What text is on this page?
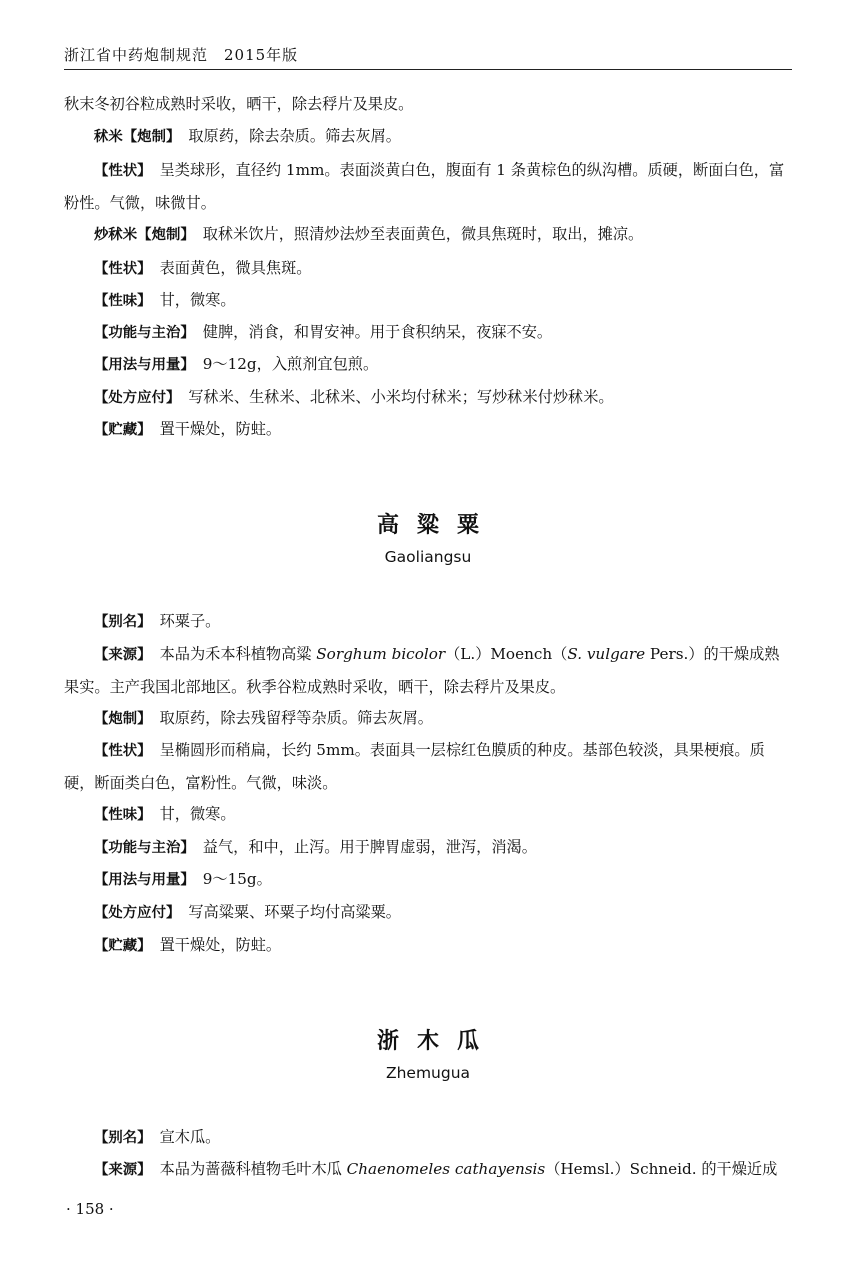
浙江省中药炮制规范　2015年版
秋末冬初谷粒成熟时采收，晒干，除去稃片及果皮。
秫米【炮制】 取原药，除去杂质。筛去灰屑。
【性状】 呈类球形，直径约 1mm。表面淡黄白色，腹面有 1 条黄棕色的纵沟槽。质硬，断面白色，富粉性。气微，味微甘。
炒秫米【炮制】 取秫米饮片，照清炒法炒至表面黄色，微具焦斑时，取出，摊凉。
【性状】 表面黄色，微具焦斑。
【性味】 甘，微寒。
【功能与主治】 健脾，消食，和胃安神。用于食积纳呆，夜寐不安。
【用法与用量】 9～12g，入煎剂宜包煎。
【处方应付】 写秫米、生秫米、北秫米、小米均付秫米；写炒秫米付炒秫米。
【贮藏】 置干燥处，防蛀。
高粱粟
Gaoliangsu
【别名】 环粟子。
【来源】 本品为禾本科植物高粱 Sorghum bicolor（L.）Moench（S. vulgare Pers.）的干燥成熟果实。主产我国北部地区。秋季谷粒成熟时采收，晒干，除去稃片及果皮。
【炮制】 取原药，除去残留稃等杂质。筛去灰屑。
【性状】 呈椭圆形而稍扁，长约 5mm。表面具一层棕红色膜质的种皮。基部色较淡，具果梗痕。质硬，断面类白色，富粉性。气微，味淡。
【性味】 甘，微寒。
【功能与主治】 益气，和中，止泻。用于脾胃虚弱，泄泻，消渴。
【用法与用量】 9～15g。
【处方应付】 写高粱粟、环粟子均付高粱粟。
【贮藏】 置干燥处，防蛀。
浙木瓜
Zhemugua
【别名】 宣木瓜。
【来源】 本品为蔷薇科植物毛叶木瓜 Chaenomeles cathayensis（Hemsl.）Schneid. 的干燥近成
· 158 ·
